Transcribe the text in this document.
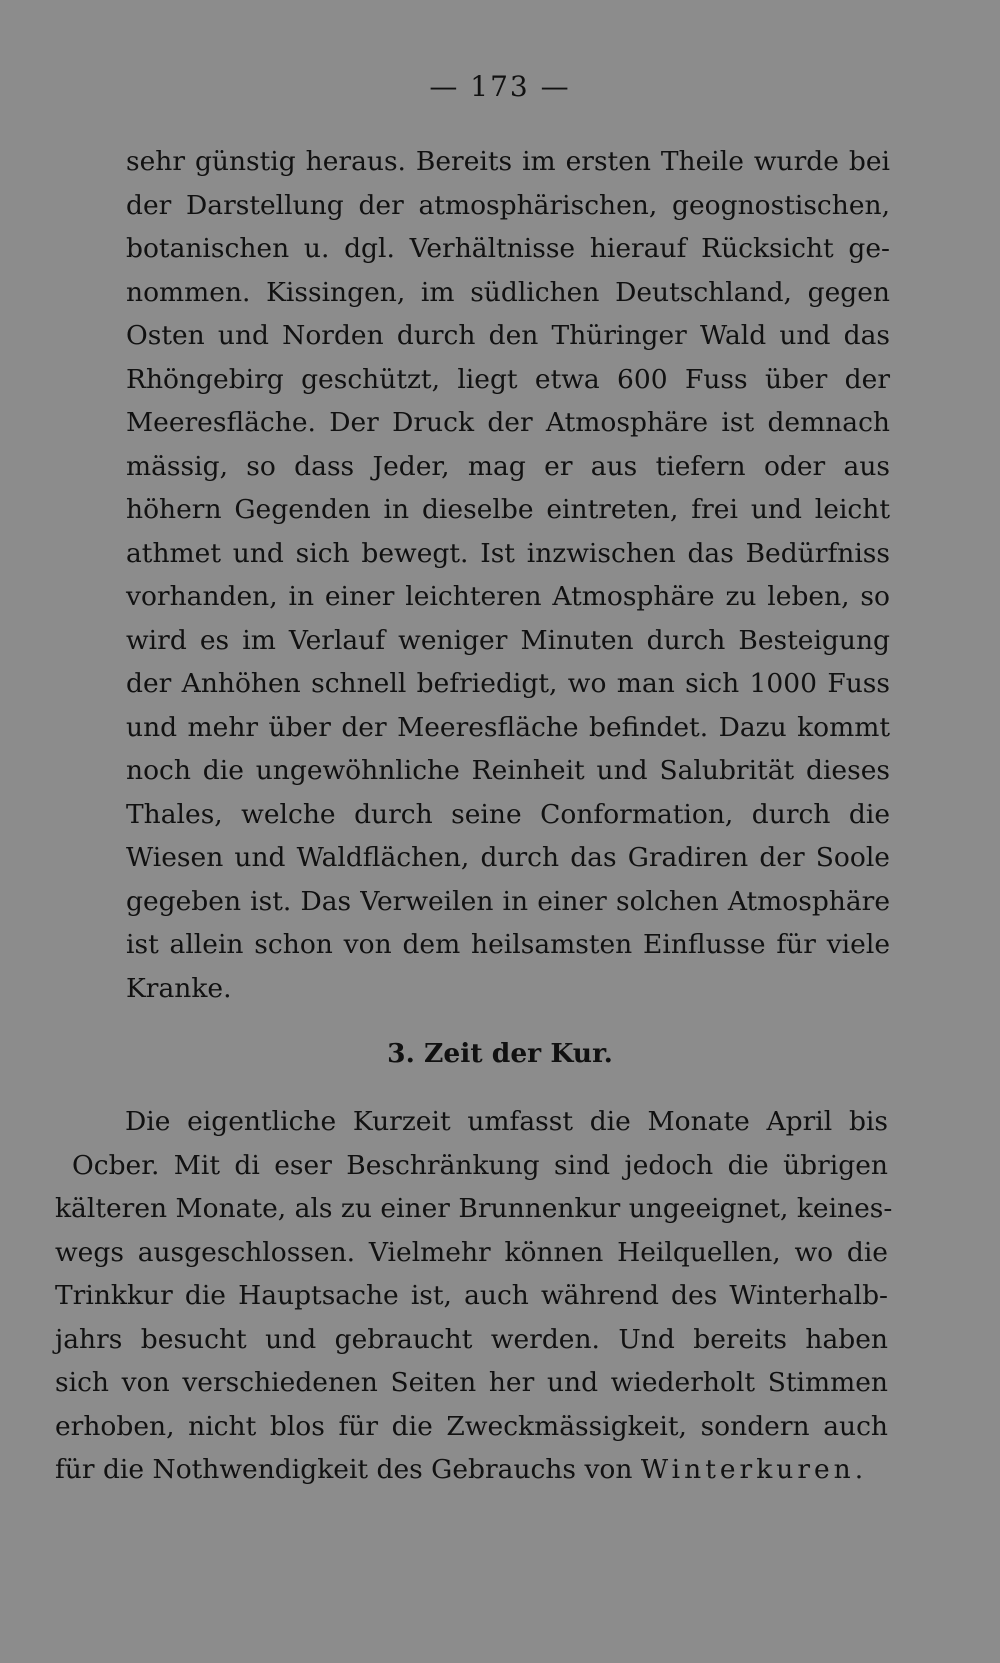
— 173 —
sehr günstig heraus. Bereits im ersten Theile wurde bei
der Darstellung der atmosphärischen, geognostischen,
botanischen u. dgl. Verhältnisse hierauf Rücksicht ge-
nommen. Kissingen, im südlichen Deutschland, gegen
Osten und Norden durch den Thüringer Wald und das
Rhöngebirg geschützt, liegt etwa 600 Fuss über der
Meeresfläche. Der Druck der Atmosphäre ist demnach
mässig, so dass Jeder, mag er aus tiefern oder aus
höhern Gegenden in dieselbe eintreten, frei und leicht
athmet und sich bewegt. Ist inzwischen das Bedürfniss
vorhanden, in einer leichteren Atmosphäre zu leben, so
wird es im Verlauf weniger Minuten durch Besteigung
der Anhöhen schnell befriedigt, wo man sich 1000 Fuss
und mehr über der Meeresfläche befindet. Dazu kommt
noch die ungewöhnliche Reinheit und Salubrität dieses
Thales, welche durch seine Conformation, durch die
Wiesen und Waldflächen, durch das Gradiren der Soole
gegeben ist. Das Verweilen in einer solchen Atmosphäre
ist allein schon von dem heilsamsten Einflusse für viele
Kranke.
3. Zeit der Kur.
Die eigentliche Kurzeit umfasst die Monate April bis
Ocber. Mit di eser Beschränkung sind jedoch die übrigen
kälteren Monate, als zu einer Brunnenkur ungeeignet, keines-
wegs ausgeschlossen. Vielmehr können Heilquellen, wo die
Trinkkur die Hauptsache ist, auch während des Winterhalb-
jahrs besucht und gebraucht werden. Und bereits haben
sich von verschiedenen Seiten her und wiederholt Stimmen
erhoben, nicht blos für die Zweckmässigkeit, sondern auch
für die Nothwendigkeit des Gebrauchs von Winterkuren.
